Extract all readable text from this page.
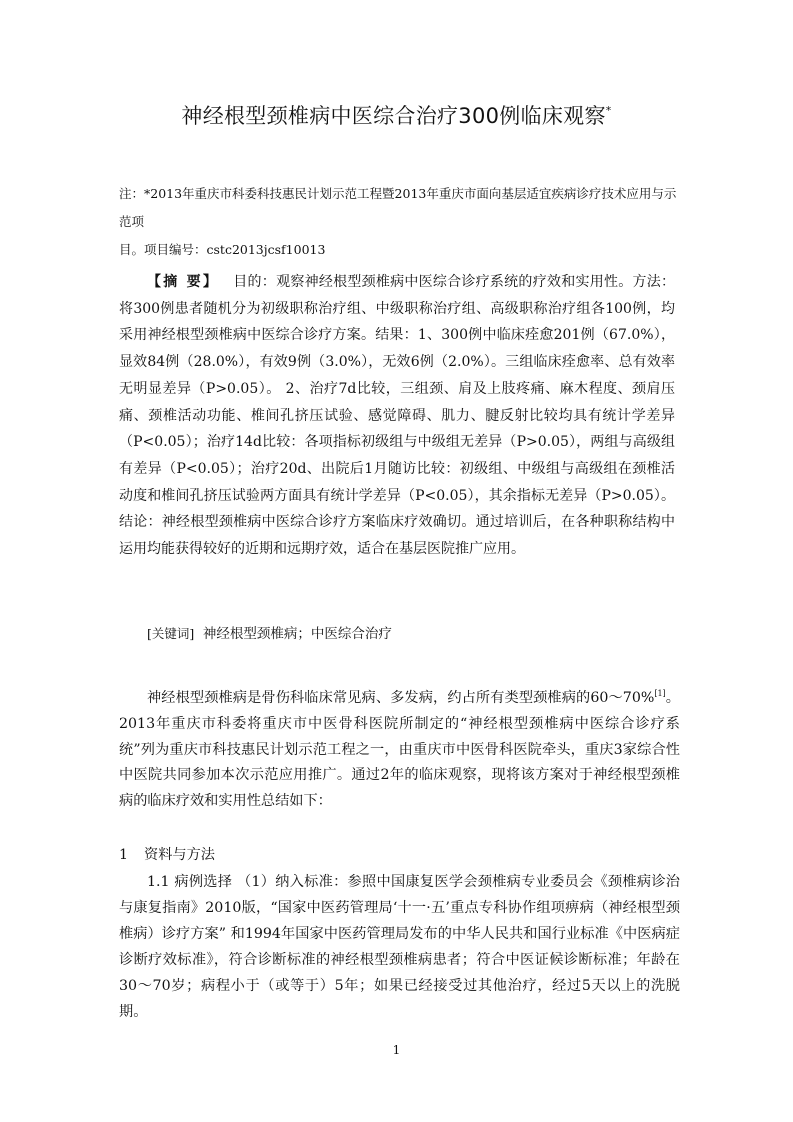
神经根型颈椎病中医综合治疗300例临床观察*
注：*2013年重庆市科委科技惠民计划示范工程暨2013年重庆市面向基层适宜疾病诊疗技术应用与示范项
目。项目编号：cstc2013jcsf10013
【摘 要】 目的：观察神经根型颈椎病中医综合诊疗系统的疗效和实用性。方法：将300例患者随机分为初级职称治疗组、中级职称治疗组、高级职称治疗组各100例，均采用神经根型颈椎病中医综合诊疗方案。结果：1、300例中临床痊愈201例（67.0%），显效84例（28.0%），有效9例（3.0%），无效6例（2.0%）。三组临床痊愈率、总有效率无明显差异（P>0.05）。 2、治疗7d比较，三组颈、肩及上肢疼痛、麻木程度、颈肩压痛、颈椎活动功能、椎间孔挤压试验、感觉障碍、肌力、腱反射比较均具有统计学差异（P<0.05）；治疗14d比较：各项指标初级组与中级组无差异（P>0.05），两组与高级组有差异（P<0.05）；治疗20d、出院后1月随访比较：初级组、中级组与高级组在颈椎活动度和椎间孔挤压试验两方面具有统计学差异（P<0.05），其余指标无差异（P>0.05）。结论：神经根型颈椎病中医综合诊疗方案临床疗效确切。通过培训后，在各种职称结构中运用均能获得较好的近期和远期疗效，适合在基层医院推广应用。
[关键词] 神经根型颈椎病；中医综合治疗
神经根型颈椎病是骨伤科临床常见病、多发病，约占所有类型颈椎病的60～70%[1]。2013年重庆市科委将重庆市中医骨科医院所制定的“神经根型颈椎病中医综合诊疗系统”列为重庆市科技惠民计划示范工程之一，由重庆市中医骨科医院牵头，重庆3家综合性中医院共同参加本次示范应用推广。通过2年的临床观察，现将该方案对于神经根型颈椎病的临床疗效和实用性总结如下：
1 资料与方法
1.1 病例选择 （1）纳入标准：参照中国康复医学会颈椎病专业委员会《颈椎病诊治与康复指南》2010版，“国家中医药管理局‘十一·五’重点专科协作组项痹病（神经根型颈椎病）诊疗方案” 和1994年国家中医药管理局发布的中华人民共和国行业标准《中医病症诊断疗效标准》，符合诊断标准的神经根型颈椎病患者；符合中医证候诊断标准；年龄在30～70岁；病程小于（或等于）5年；如果已经接受过其他治疗，经过5天以上的洗脱期。
1
